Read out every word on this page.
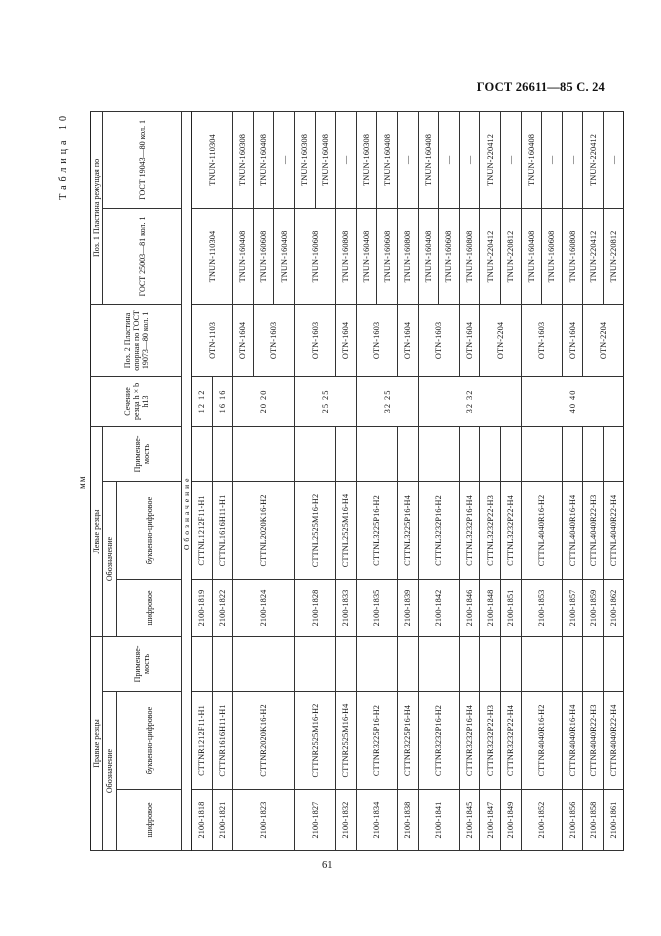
ГОСТ 26611—85 С. 24
61
Таблица 10
мм
Правые резцы			Левые резцы			Сечение резца h × b h13	Поз. 2 Пластина опорная по ГОСТ 19073—80 кол. 1	Поз. 1 Пластина режущая по	
Обозначение		Применяе-мость	Обозначение		Применяе-мость			ГОСТ 25003—81 кол. 1	ГОСТ 19043—80 кол. 1
шифровое	буквенно-цифровое		шифровое	буквенно-цифровое					
Обозначение									
2100-1818	CTTNR1212F11-H1		2100-1819	CTTNL1212F11-H1		12 12	OTN-1103	TNUN-110304	TNUN-110304
2100-1821	CTTNR1616H11-H1		2100-1822	CTTNL1616H11-H1		16 16			
2100-1823	CTTNR2020K16-H2		2100-1824	CTTNL2020K16-H2		20 20	OTN-1604	TNUN-160408	TNUN-160308
							OTN-1603	TNUN-160608	TNUN-160408
								TNUN-160408	—
2100-1827	CTTNR2525M16-H2		2100-1828	CTTNL2525M16-H2		25 25	OTN-1603	TNUN-160608	TNUN-160308
									TNUN-160408
2100-1832	CTTNR2525M16-H4		2100-1833	CTTNL2525M16-H4			OTN-1604	TNUN-160808	—
2100-1834	CTTNR3225P16-H2		2100-1835	CTTNL3225P16-H2		32 25	OTN-1603	TNUN-160408	TNUN-160308
								TNUN-160608	TNUN-160408
2100-1838	CTTNR3225P16-H4		2100-1839	CTTNL3225P16-H4			OTN-1604	TNUN-160808	—
2100-1841	CTTNR3232P16-H2		2100-1842	CTTNL3232P16-H2		32 32	OTN-1603	TNUN-160408	TNUN-160408
								TNUN-160608	—
2100-1845	CTTNR3232P16-H4		2100-1846	CTTNL3232P16-H4			OTN-1604	TNUN-160808	—
2100-1847	CTTNR3232P22-H3		2100-1848	CTTNL3232P22-H3			OTN-2204	TNUN-220412	TNUN-220412
2100-1849	CTTNR3232P22-H4		2100-1851	CTTNL3232P22-H4				TNUN-220812	—
2100-1852	CTTNR4040R16-H2		2100-1853	CTTNL4040R16-H2		40 40	OTN-1603	TNUN-160408	TNUN-160408
								TNUN-160608	—
2100-1856	CTTNR4040R16-H4		2100-1857	CTTNL4040R16-H4			OTN-1604	TNUN-160808	—
2100-1858	CTTNR4040R22-H3		2100-1859	CTTNL4040R22-H3			OTN-2204	TNUN-220412	TNUN-220412
2100-1861	CTTNR4040R22-H4		2100-1862	CTTNL4040R22-H4				TNUN-220812	—
